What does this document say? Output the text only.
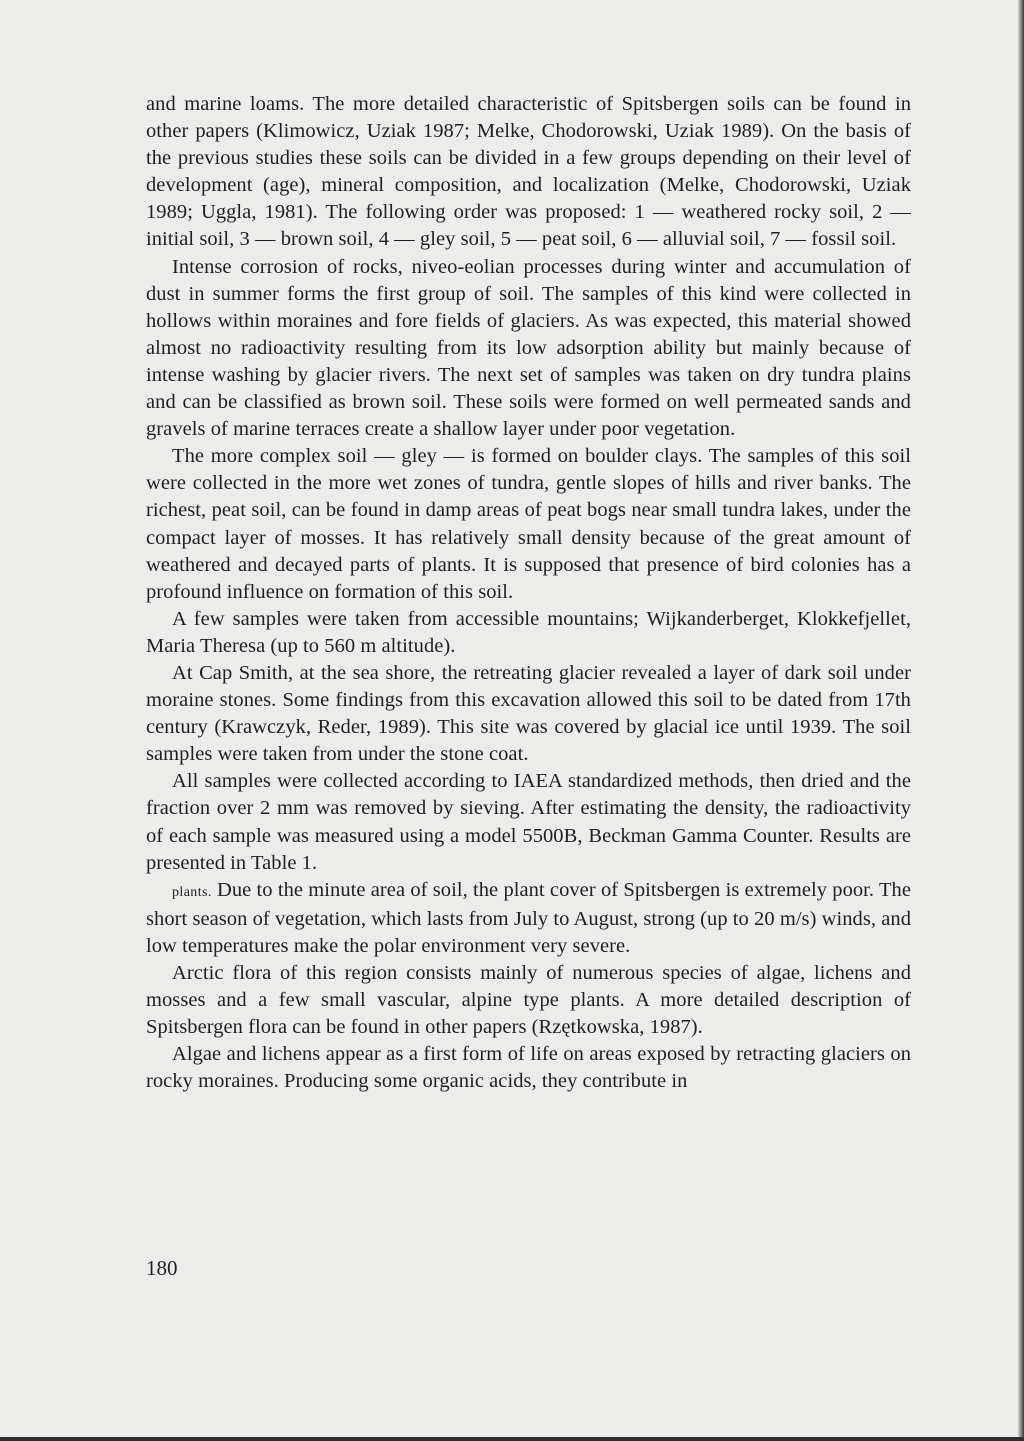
and marine loams. The more detailed characteristic of Spitsbergen soils can be found in other papers (Klimowicz, Uziak 1987; Melke, Chodorowski, Uziak 1989). On the basis of the previous studies these soils can be divided in a few groups depending on their level of development (age), mineral composition, and localization (Melke, Chodorowski, Uziak 1989; Uggla, 1981). The following order was proposed: 1 — weathered rocky soil, 2 — initial soil, 3 — brown soil, 4 — gley soil, 5 — peat soil, 6 — alluvial soil, 7 — fossil soil.

Intense corrosion of rocks, niveo-eolian processes during winter and accumulation of dust in summer forms the first group of soil. The samples of this kind were collected in hollows within moraines and fore fields of glaciers. As was expected, this material showed almost no radioactivity resulting from its low adsorption ability but mainly because of intense washing by glacier rivers. The next set of samples was taken on dry tundra plains and can be classified as brown soil. These soils were formed on well permeated sands and gravels of marine terraces create a shallow layer under poor vegetation.

The more complex soil — gley — is formed on boulder clays. The samples of this soil were collected in the more wet zones of tundra, gentle slopes of hills and river banks. The richest, peat soil, can be found in damp areas of peat bogs near small tundra lakes, under the compact layer of mosses. It has relatively small density because of the great amount of weathered and decayed parts of plants. It is supposed that presence of bird colonies has a profound influence on formation of this soil.

A few samples were taken from accessible mountains; Wijkanderberget, Klokkefjellet, Maria Theresa (up to 560 m altitude).

At Cap Smith, at the sea shore, the retreating glacier revealed a layer of dark soil under moraine stones. Some findings from this excavation allowed this soil to be dated from 17th century (Krawczyk, Reder, 1989). This site was covered by glacial ice until 1939. The soil samples were taken from under the stone coat.

All samples were collected according to IAEA standardized methods, then dried and the fraction over 2 mm was removed by sieving. After estimating the density, the radioactivity of each sample was measured using a model 5500B, Beckman Gamma Counter. Results are presented in Table 1.

plants. Due to the minute area of soil, the plant cover of Spitsbergen is extremely poor. The short season of vegetation, which lasts from July to August, strong (up to 20 m/s) winds, and low temperatures make the polar environment very severe.

Arctic flora of this region consists mainly of numerous species of algae, lichens and mosses and a few small vascular, alpine type plants. A more detailed description of Spitsbergen flora can be found in other papers (Rzętkowska, 1987).

Algae and lichens appear as a first form of life on areas exposed by retracting glaciers on rocky moraines. Producing some organic acids, they contribute in

180
